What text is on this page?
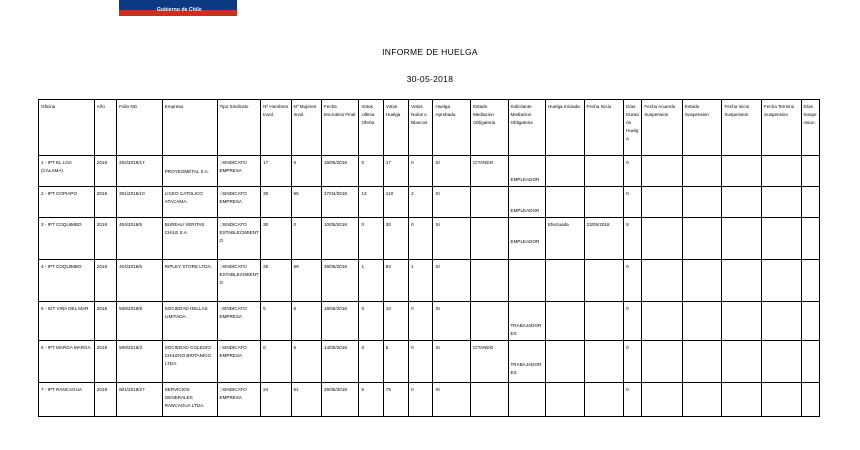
Gobierno de Chile
INFORME DE HUELGA
30-05-2018
Oficina	Año	Folio NG	Empresa	Tipo Sindicato	Nº Hombres Invol.	Nº Mujeres Invol.	Fecha Escrutinio Final	Votos Ultima Oferta	Votos Huelga	Votos Nulos o Blancos	Huelga Aprobada	Estado Mediacion Obligatoria	Solicitante Mediacion Obligatoria	Huelga Iniciada	Fecha Inicio	Días Duración Huelga	Fecha Acuerdo Suspension	Estado Suspension	Fecha Inicio Suspension	Fecha Termino Suspension	Días Suspension
1 - IPT EL LOA (CALAMA)	2018	202/2018/17	PROYEGMETAL S.A.	; SINDICATO EMPRESA	17	0	18/05/2018	0	17	0	SI	CITANDO	EMPLEADOR			0					
2 - IPT COPIAPO	2018	301/2018/10	LICEO CATOLICO ATACAMA.	; SINDICATO EMPRESA	30	95	27/04/2018	13	110	2	SI		EMPLEADOR			0					
3 - IPT COQUIMBO	2018	404/2018/5	BUREAU VERITAS CHILE S.A.	; SINDICATO ESTABLECIMIENTO	30	0	10/05/2018	0	30	0	SI		EMPLEADOR	Efectuada	23/05/2018	8					
4 - IPT COQUIMBO	2018	404/2018/6	RIPLEY STORE LTDA.	; SINDICATO ESTABLECIMIENTO	25	69	29/05/2018	1	92	1	SI					0					
5 - IGT VIÑA DEL MAR	2018	508/2018/8	SOCIEDAD HELLAS LIMITADA.	; SINDICATO EMPRESA	5	5	18/05/2018	0	10	0	SI		TRABAJADORES			0					
6 - IPT MARGA MARGA	2018	508/2018/3	SOCIEDAD COLEGIO CHILENO BRITANICO LTDA.	; SINDICATO EMPRESA	0	5	14/05/2018	0	5	0	SI	CITANDO	TRABAJADORES			0					
7 - IPT RANCAGUA	2018	601/2018/27	SERVICIOS GENERALES RANCAGUA LTDA.	; SINDICATO EMPRESA	24	51	29/05/2018	5	75	0	SI					0					
